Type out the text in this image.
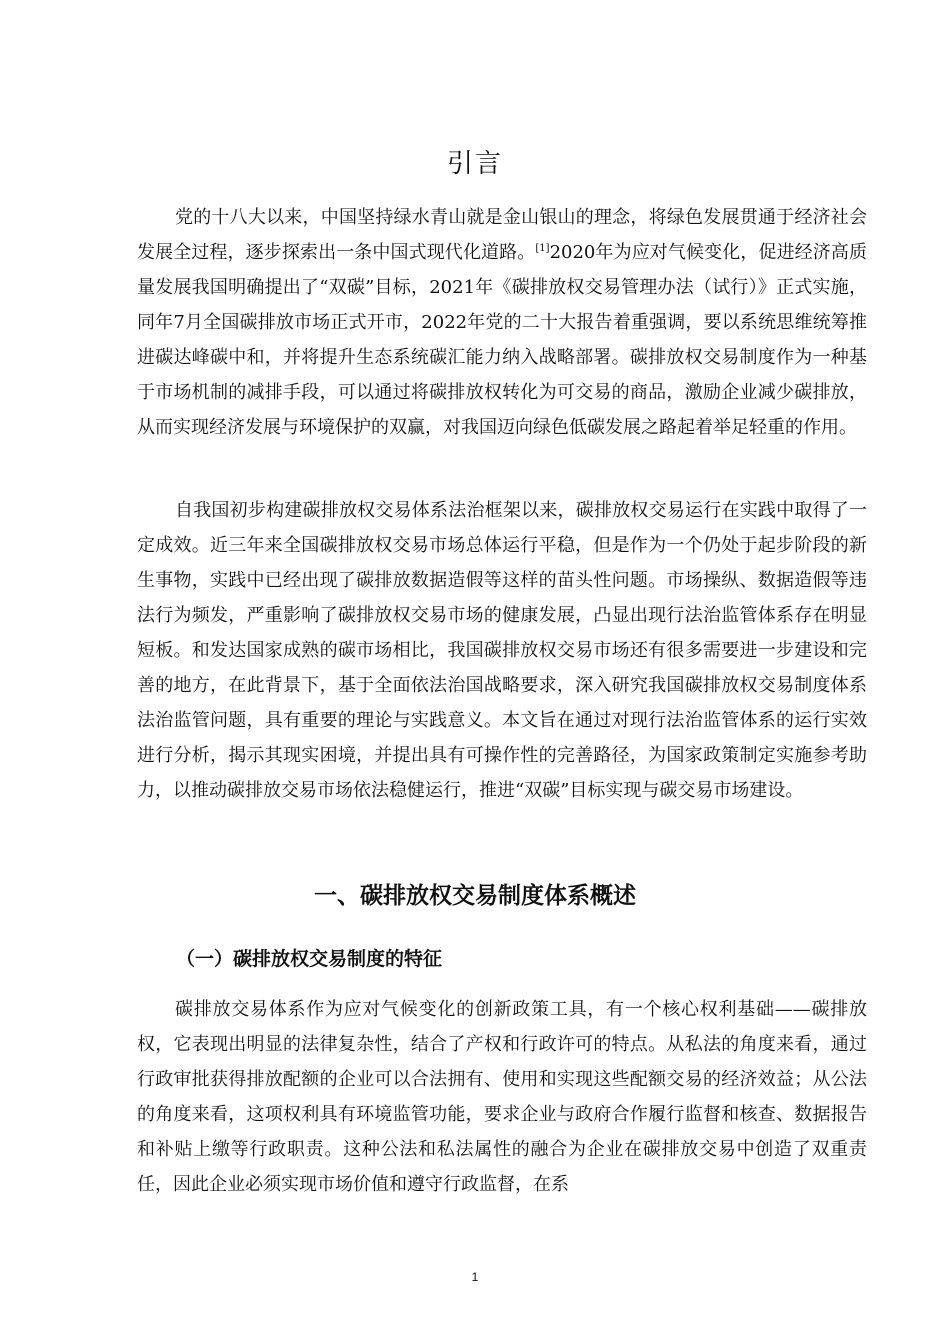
引言

党的十八大以来，中国坚持绿水青山就是金山银山的理念，将绿色发展贯通于经济社会发展全过程，逐步探索出一条中国式现代化道路。[1]2020年为应对气候变化，促进经济高质量发展我国明确提出了“双碳”目标，2021年《碳排放权交易管理办法（试行）》正式实施，同年7月全国碳排放市场正式开市，2022年党的二十大报告着重强调，要以系统思维统筹推进碳达峰碳中和，并将提升生态系统碳汇能力纳入战略部署。碳排放权交易制度作为一种基于市场机制的减排手段，可以通过将碳排放权转化为可交易的商品，激励企业减少碳排放，从而实现经济发展与环境保护的双赢，对我国迈向绿色低碳发展之路起着举足轻重的作用。

自我国初步构建碳排放权交易体系法治框架以来，碳排放权交易运行在实践中取得了一定成效。近三年来全国碳排放权交易市场总体运行平稳，但是作为一个仍处于起步阶段的新生事物，实践中已经出现了碳排放数据造假等这样的苗头性问题。市场操纵、数据造假等违法行为频发，严重影响了碳排放权交易市场的健康发展，凸显出现行法治监管体系存在明显短板。和发达国家成熟的碳市场相比，我国碳排放权交易市场还有很多需要进一步建设和完善的地方，在此背景下，基于全面依法治国战略要求，深入研究我国碳排放权交易制度体系法治监管问题，具有重要的理论与实践意义。本文旨在通过对现行法治监管体系的运行实效进行分析，揭示其现实困境，并提出具有可操作性的完善路径，为国家政策制定实施参考助力，以推动碳排放交易市场依法稳健运行，推进“双碳”目标实现与碳交易市场建设。

一、碳排放权交易制度体系概述
（一）碳排放权交易制度的特征

碳排放交易体系作为应对气候变化的创新政策工具，有一个核心权利基础——碳排放权，它表现出明显的法律复杂性，结合了产权和行政许可的特点。从私法的角度来看，通过行政审批获得排放配额的企业可以合法拥有、使用和实现这些配额交易的经济效益；从公法的角度来看，这项权利具有环境监管功能，要求企业与政府合作履行监督和核查、数据报告和补贴上缴等行政职责。这种公法和私法属性的融合为企业在碳排放交易中创造了双重责任，因此企业必须实现市场价值和遵守行政监督，在系

1
